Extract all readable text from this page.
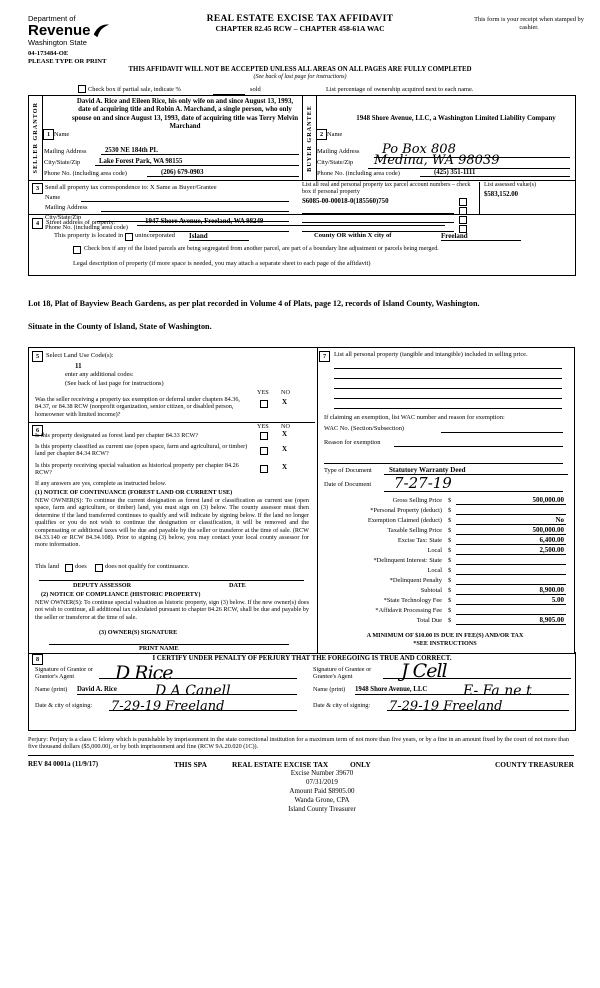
Department of
Revenue
Washington State
REAL ESTATE EXCISE TAX AFFIDAVIT
CHAPTER 82.45 RCW – CHAPTER 458-61A WAC
This form is your receipt when stamped by cashier.
04-173484-OE
PLEASE TYPE OR PRINT
THIS AFFIDAVIT WILL NOT BE ACCEPTED UNLESS ALL AREAS ON ALL PAGES ARE FULLY COMPLETED
(See back of last page for instructions)
Check box if partial sale, indicate %	sold	List percentage of ownership acquired next to each name.
SELLER GRANTOR	BUYER GRANTEE
1 Name
David A. Rice and Eileen Rice, his only wife on and since August 13, 1993, date of acquiring title and Robin A. Marchand, a single person, who only spouse on and since August 13, 1993, date of acquiring title was Terry Melvin Marchand
2 Name
1948 Shore Avenue, LLC, a Washington Limited Liability Company
Mailing Address	2530 NE 184th PL
City/State/Zip	Lake Forest Park, WA 98155
Phone No. (including area code)	(206) 679-0903
Mailing Address Po Box 808
City/State/Zip Medina, WA 98039
Phone No. (including area code)	(425) 351-1111
3 Send all property tax correspondence to: X Same as Buyer/Grantee
Name
Mailing Address
City/State/Zip
Phone No. (including area code)
List all real and personal property tax parcel account numbers – check box if personal property
S6085-00-00018-0(185560)750
List assessed value(s)
$583,152.00
4	Street address of property:	1947 Shore Avenue, Freeland, WA 98249
This property is located in unincorporated Island	County OR within X city of	Freeland
Check box if any of the listed parcels are being segregated from another parcel, are part of a boundary line adjustment or parcels being merged.
Legal description of property (if more space is needed, you may attach a separate sheet to each page of the affidavit)
Lot 18, Plat of Bayview Beach Gardens, as per plat recorded in Volume 4 of Plats, page 12, records of Island County, Washington.
Situate in the County of Island, State of Washington.
5	Select Land Use Code(s):
11
enter any additional codes:
(See back of last page for instructions)
YES NO
Was the seller receiving a property tax exemption or deferral under chapters 84.36, 84.37, or 84.38 RCW (nonprofit organization, senior citizen, or disabled person, homeowner with limited income)?
X
6
YES NO
Is this property designated as forest land per chapter 84.33 RCW?	X
Is this property classified as current use (open space, farm and agricultural, or timber) land per chapter 84.34 RCW?
X
Is this property receiving special valuation as historical property per chapter 84.26 RCW?
X
If any answers are yes, complete as instructed below.
(1) NOTICE OF CONTINUANCE (FOREST LAND OR CURRENT USE)
NEW OWNER(S): To continue the current designation as forest land or classification as current use (open space, farm and agriculture, or timber) land, you must sign on (3) below. The county assessor must then determine if the land transferred continues to qualify and will indicate by signing below. If the land no longer qualifies or you do not wish to continue the designation or classification, it will be removed and the compensating or additional taxes will be due and payable by the seller or transferor at the time of sale. (RCW 84.33.140 or RCW 84.34.108). Prior to signing (3) below, you may contact your local county assessor for more information.
This land	does	does not qualify for continuance.
DEPUTY ASSESSOR	DATE
(2) NOTICE OF COMPLIANCE (HISTORIC PROPERTY)
NEW OWNER(S): To continue special valuation as historic property, sign (3) below. If the new owner(s) does not wish to continue, all additional tax calculated pursuant to chapter 84.26 RCW, shall be due and payable by the seller or transferor at the time of sale.
(3) OWNER(S) SIGNATURE
PRINT NAME
7	List all personal property (tangible and intangible) included in selling price.
If claiming an exemption, list WAC number and reason for exemption:
WAC No. (Section/Subsection)
Reason for exemption
Type of Document	Statutory Warranty Deed
Date of Document 7-27-19
Gross Selling Price $	500,000.00
*Personal Property (deduct) $
Exemption Claimed (deduct) $	No
Taxable Selling Price $	500,000.00
Excise Tax: State $	6,400.00
Local $	2,500.00
*Delinquent Interest: State $
Local $
*Delinquent Penalty $
Subtotal $	8,900.00
*State Technology Fee $	5.00
*Affidavit Processing Fee $
Total Due $	8,905.00
A MINIMUM OF $10.00 IS DUE IN FEE(S) AND/OR TAX
*SEE INSTRUCTIONS
8	I CERTIFY UNDER PENALTY OF PERJURY THAT THE FOREGOING IS TRUE AND CORRECT.
Signature of Grantor or Grantor's Agent	D Rice
Name (print) David A. Rice	D A Canell
Date & city of signing: 7-29-19 Freeland
Signature of Grantee or Grantee's Agent	J Cell
Name (print) 1948 Shore Avenue, LLC	E- Fa ne t
Date & city of signing: 7-29-19 Freeland
Perjury: Perjury is a class C felony which is punishable by imprisonment in the state correctional institution for a maximum term of not more than five years, or by a fine in an amount fixed by the court of not more than five thousand dollars ($5,000.00), or by both imprisonment and fine (RCW 9A.20.020 (1C)).
REV 84 0001a (11/9/17)	THIS SPA	REAL ESTATE EXCISE TAX	ONLY	COUNTY TREASURER
Excise Number 39670
07/31/2019
Amount Paid $8905.00
Wanda Grone, CPA
Island County Treasurer
